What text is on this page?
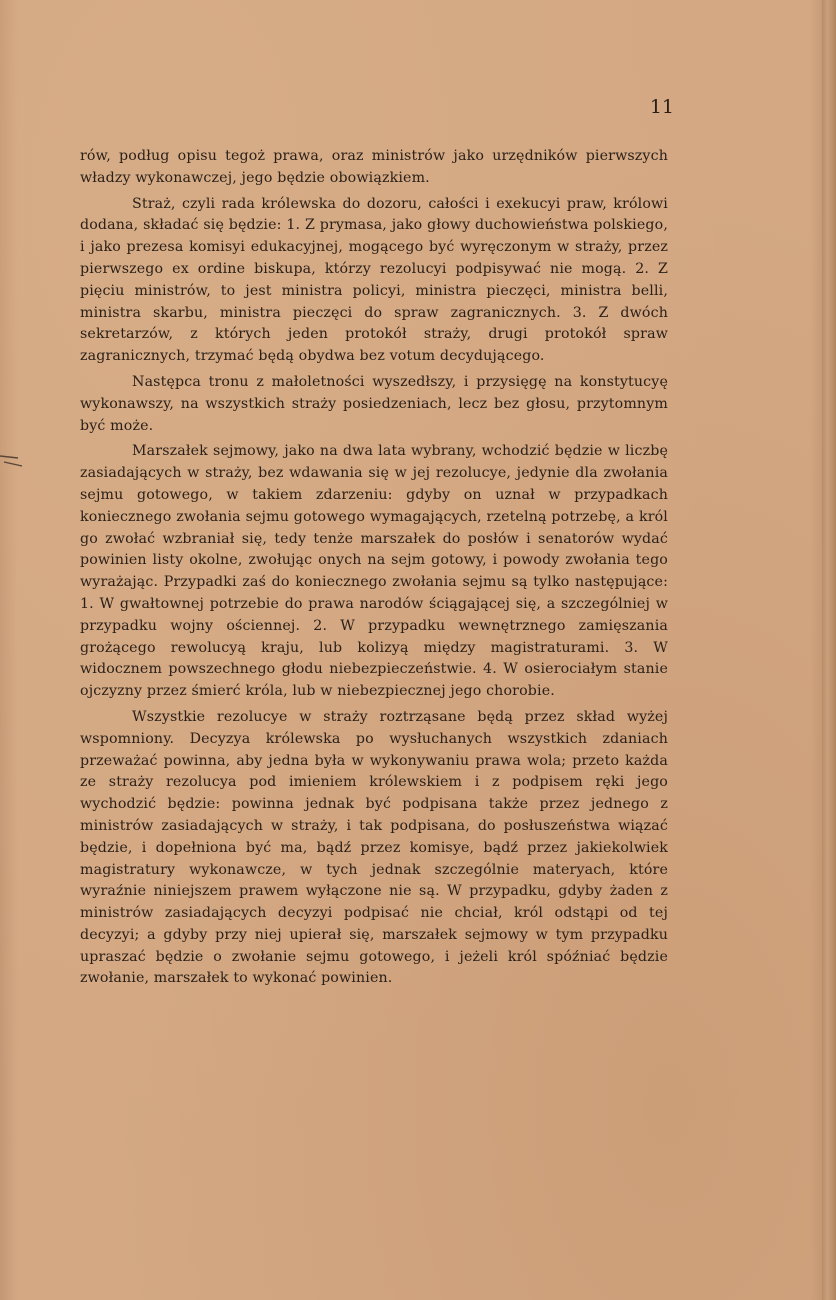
11

rów, podług opisu tegoż prawa, oraz ministrów jako urzędników pierwszych władzy wykonawczej, jego będzie obowiązkiem.

Straż, czyli rada królewska do dozoru, całości i exekucyi praw, królowi dodana, składać się będzie: 1. Z prymasa, jako głowy duchowieństwa polskiego, i jako prezesa komisyi edukacyjnej, mogącego być wyręczonym w straży, przez pierwszego ex ordine biskupa, którzy rezolucyi podpisywać nie mogą. 2. Z pięciu ministrów, to jest ministra policyi, ministra pieczęci, ministra belli, ministra skarbu, ministra pieczęci do spraw zagranicznych. 3. Z dwóch sekretarzów, z których jeden protokół straży, drugi protokół spraw zagranicznych, trzymać będą obydwa bez votum decydującego.

Następca tronu z małoletności wyszedłszy, i przysięgę na konstytucyę wykonawszy, na wszystkich straży posiedzeniach, lecz bez głosu, przytomnym być może.

Marszałek sejmowy, jako na dwa lata wybrany, wchodzić będzie w liczbę zasiadających w straży, bez wdawania się w jej rezolucye, jedynie dla zwołania sejmu gotowego, w takiem zdarzeniu: gdyby on uznał w przypadkach koniecznego zwołania sejmu gotowego wymagających, rzetelną potrzebę, a król go zwołać wzbraniał się, tedy tenże marszałek do posłów i senatorów wydać powinien listy okolne, zwołując onych na sejm gotowy, i powody zwołania tego wyrażając. Przypadki zaś do koniecznego zwołania sejmu są tylko następujące: 1. W gwałtownej potrzebie do prawa narodów ściągającej się, a szczególniej w przypadku wojny ościennej. 2. W przypadku wewnętrznego zamięszania grożącego rewolucyą kraju, lub kolizyą między magistraturami. 3. W widocznem powszechnego głodu niebezpieczeństwie. 4. W osierociałym stanie ojczyzny przez śmierć króla, lub w niebezpiecznej jego chorobie.

Wszystkie rezolucye w straży roztrząsane będą przez skład wyżej wspomniony. Decyzya królewska po wysłuchanych wszystkich zdaniach przeważać powinna, aby jedna była w wykonywaniu prawa wola; przeto każda ze straży rezolucya pod imieniem królewskiem i z podpisem ręki jego wychodzić będzie: powinna jednak być podpisana także przez jednego z ministrów zasiadających w straży, i tak podpisana, do posłuszeństwa wiązać będzie, i dopełniona być ma, bądź przez komisye, bądź przez jakiekolwiek magistratury wykonawcze, w tych jednak szczególnie materyach, które wyraźnie niniejszem prawem wyłączone nie są. W przypadku, gdyby żaden z ministrów zasiadających decyzyi podpisać nie chciał, król odstąpi od tej decyzyi; a gdyby przy niej upierał się, marszałek sejmowy w tym przypadku upraszać będzie o zwołanie sejmu gotowego, i jeżeli król spóźniać będzie zwołanie, marszałek to wykonać powinien.
